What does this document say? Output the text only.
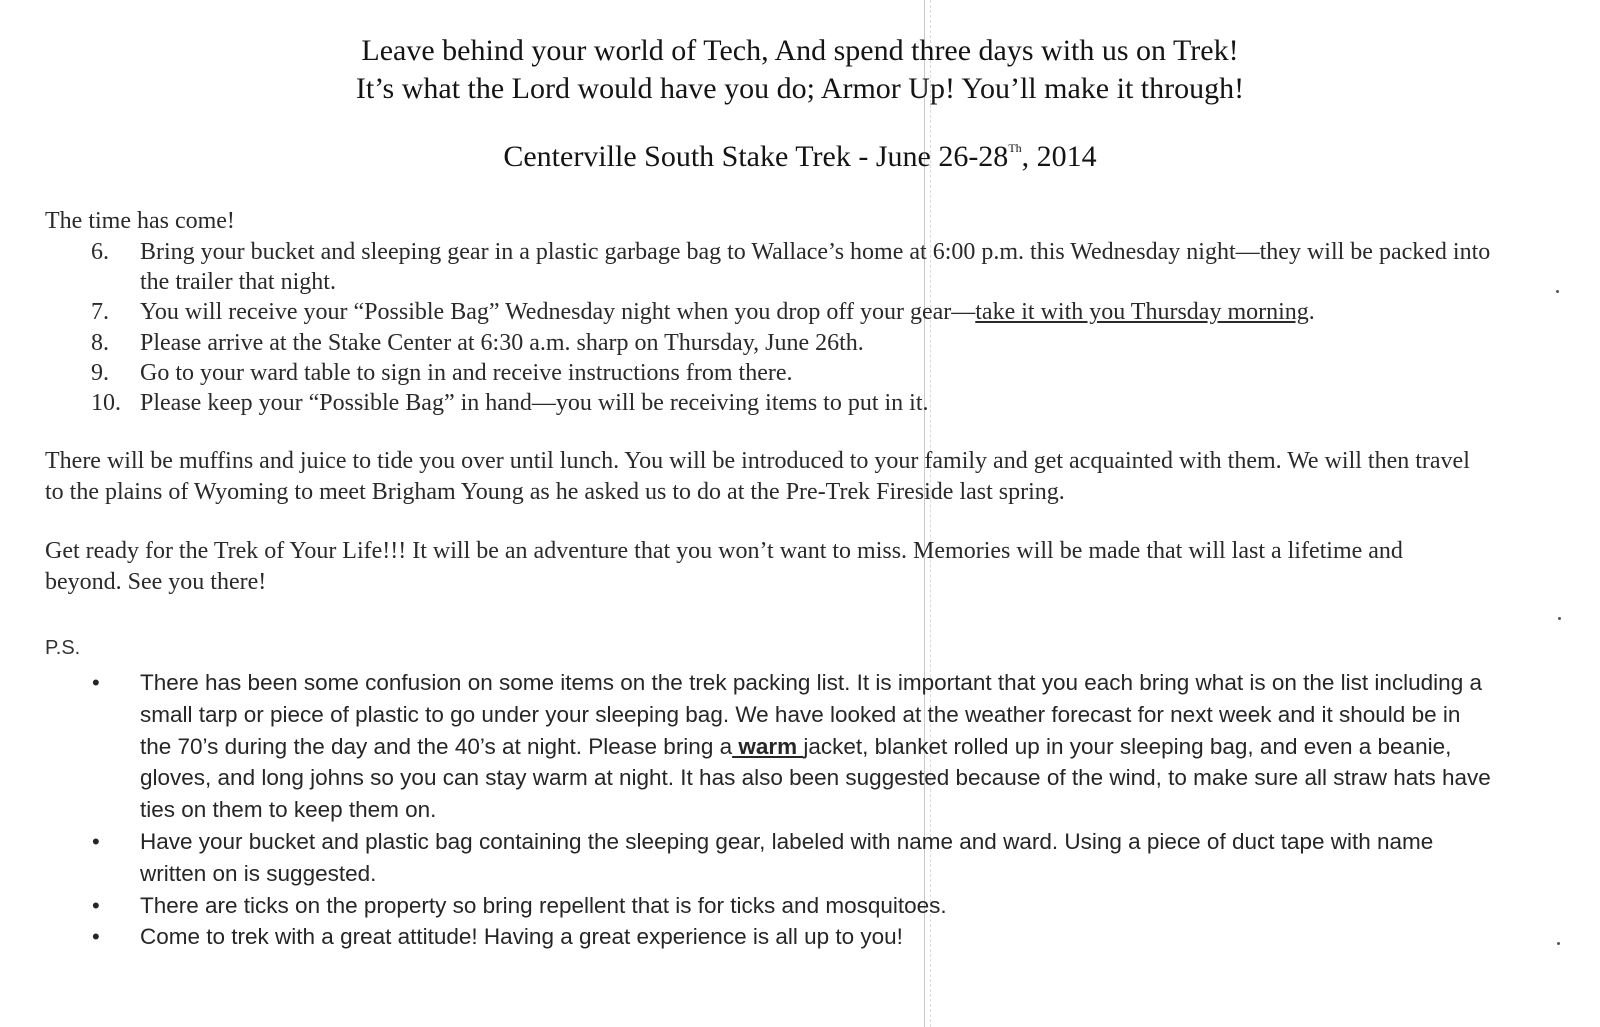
Leave behind your world of Tech, And spend three days with us on Trek!
It’s what the Lord would have you do; Armor Up! You’ll make it through!
Centerville South Stake Trek - June 26-28Th, 2014
The time has come!
6.	Bring your bucket and sleeping gear in a plastic garbage bag to Wallace’s home at 6:00 p.m. this Wednesday night—they will be packed into the trailer that night.
7.	You will receive your “Possible Bag” Wednesday night when you drop off your gear—take it with you Thursday morning.
8.	Please arrive at the Stake Center at 6:30 a.m. sharp on Thursday, June 26th.
9.	Go to your ward table to sign in and receive instructions from there.
10. Please keep your “Possible Bag” in hand—you will be receiving items to put in it.
There will be muffins and juice to tide you over until lunch. You will be introduced to your family and get acquainted with them. We will then travel to the plains of Wyoming to meet Brigham Young as he asked us to do at the Pre-Trek Fireside last spring.
Get ready for the Trek of Your Life!!! It will be an adventure that you won’t want to miss. Memories will be made that will last a lifetime and beyond. See you there!
P.S.
•	There has been some confusion on some items on the trek packing list. It is important that you each bring what is on the list including a small tarp or piece of plastic to go under your sleeping bag. We have looked at the weather forecast for next week and it should be in the 70’s during the day and the 40’s at night. Please bring a warm jacket, blanket rolled up in your sleeping bag, and even a beanie, gloves, and long johns so you can stay warm at night. It has also been suggested because of the wind, to make sure all straw hats have ties on them to keep them on.
•	Have your bucket and plastic bag containing the sleeping gear, labeled with name and ward. Using a piece of duct tape with name written on is suggested.
•	There are ticks on the property so bring repellent that is for ticks and mosquitoes.
•	Come to trek with a great attitude! Having a great experience is all up to you!
